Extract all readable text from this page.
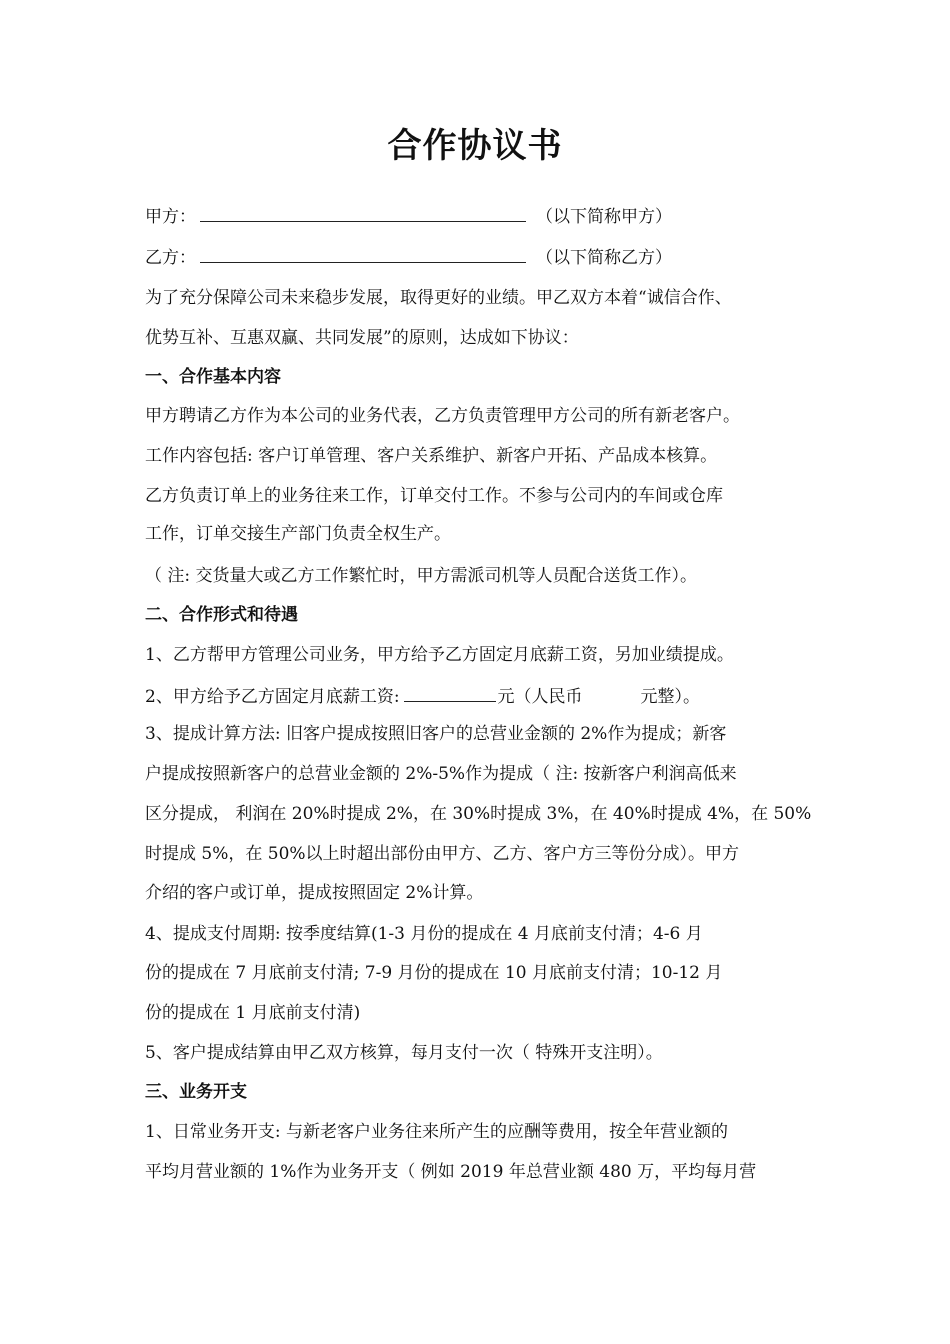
合作协议书
甲方：	（以下简称甲方）
乙方：	（以下简称乙方）
为了充分保障公司未来稳步发展，取得更好的业绩。甲乙双方本着“诚信合作、
优势互补、互惠双赢、共同发展”的原则，达成如下协议：
一、合作基本内容
甲方聘请乙方作为本公司的业务代表，乙方负责管理甲方公司的所有新老客户。
工作内容包括: 客户订单管理、客户关系维护、新客户开拓、产品成本核算。
乙方负责订单上的业务往来工作，订单交付工作。不参与公司内的车间或仓库
工作，订单交接生产部门负责全权生产。
（ 注: 交货量大或乙方工作繁忙时，甲方需派司机等人员配合送货工作）。
二、合作形式和待遇
1、乙方帮甲方管理公司业务，甲方给予乙方固定月底薪工资，另加业绩提成。
2、甲方给予乙方固定月底薪工资:	元（人民币	元整）。
3、提成计算方法: 旧客户提成按照旧客户的总营业金额的 2%作为提成；新客
户提成按照新客户的总营业金额的 2%-5%作为提成（ 注: 按新客户利润高低来
区分提成， 利润在 20%时提成 2%，在 30%时提成 3%，在 40%时提成 4%，在 50%
时提成 5%，在 50%以上时超出部份由甲方、乙方、客户方三等份分成）。甲方
介绍的客户或订单，提成按照固定 2%计算。
4、提成支付周期: 按季度结算(1-3 月份的提成在 4 月底前支付清；4-6 月
份的提成在 7 月底前支付清; 7-9 月份的提成在 10 月底前支付清；10-12 月
份的提成在 1 月底前支付清)
5、客户提成结算由甲乙双方核算，每月支付一次（ 特殊开支注明）。
三、业务开支
1、日常业务开支: 与新老客户业务往来所产生的应酬等费用，按全年营业额的
平均月营业额的 1%作为业务开支（ 例如 2019 年总营业额 480 万，平均每月营
